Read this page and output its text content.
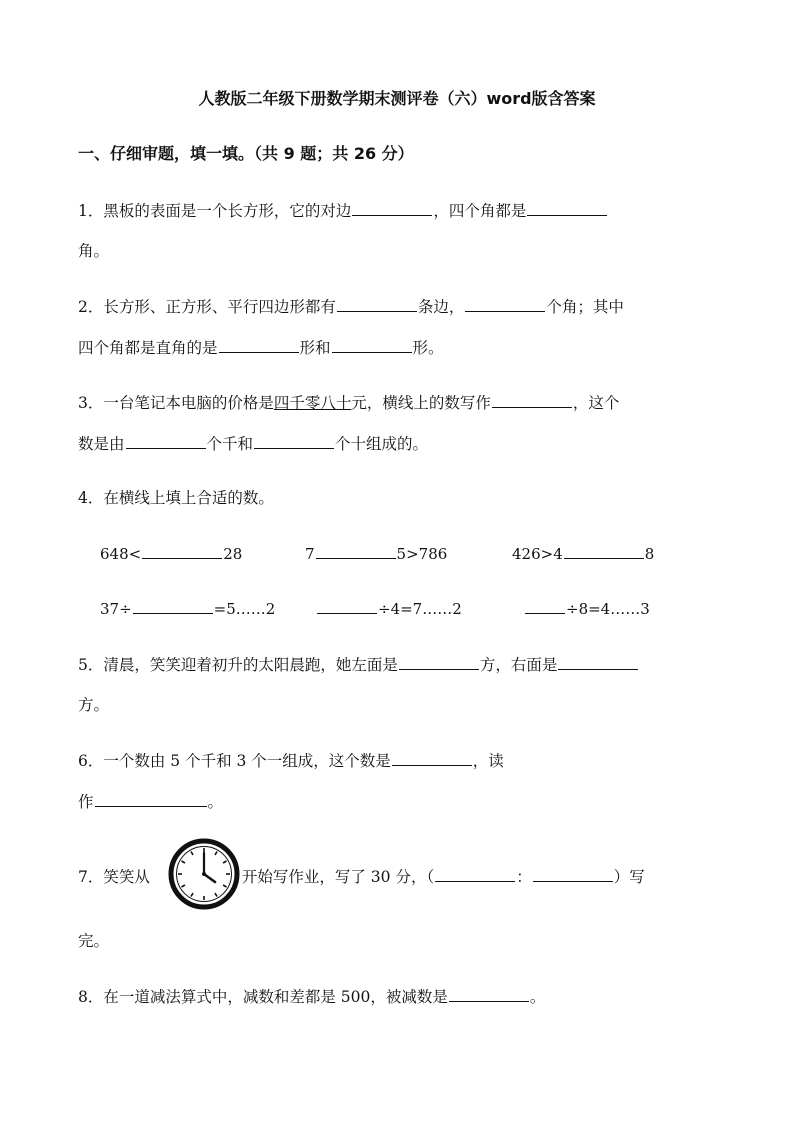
人教版二年级下册数学期末测评卷（六）word版含答案
一、仔细审题，填一填。（共 9 题；共 26 分）
1．黑板的表面是一个长方形，它的对边	，四个角都是
角。
2．长方形、正方形、平行四边形都有	条边，	个角；其中
四个角都是直角的是	形和	形。
3．一台笔记本电脑的价格是四千零八十元，横线上的数写作	，这个
数是由	个千和	个十组成的。
4．在横线上填上合适的数。
648<	28	7	5>786	426>4	8
37÷	=5……2	÷4=7……2	÷8=4……3
5．清晨，笑笑迎着初升的太阳晨跑，她左面是	方，右面是
方。
6．一个数由 5 个千和 3 个一组成，这个数是	，读
作	。
7．笑笑从	开始写作业，写了 30 分，（	：	）写
完。
8．在一道减法算式中，减数和差都是 500，被减数是	。
